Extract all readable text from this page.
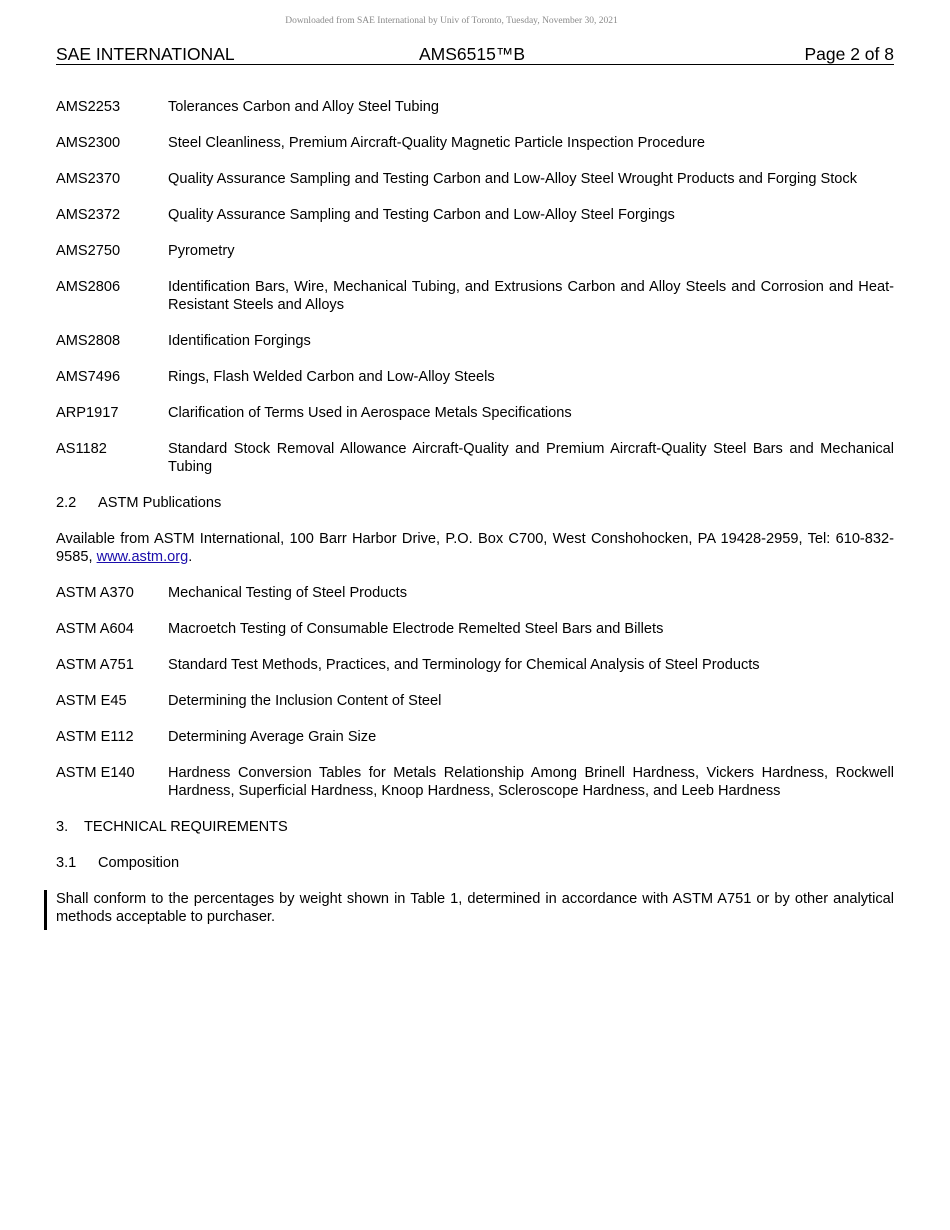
Downloaded from SAE International by Univ of Toronto, Tuesday, November 30, 2021
SAE INTERNATIONAL	AMS6515™B	Page 2 of 8
AMS2253	Tolerances Carbon and Alloy Steel Tubing
AMS2300	Steel Cleanliness, Premium Aircraft-Quality Magnetic Particle Inspection Procedure
AMS2370	Quality Assurance Sampling and Testing Carbon and Low-Alloy Steel Wrought Products and Forging Stock
AMS2372	Quality Assurance Sampling and Testing Carbon and Low-Alloy Steel Forgings
AMS2750	Pyrometry
AMS2806	Identification Bars, Wire, Mechanical Tubing, and Extrusions Carbon and Alloy Steels and Corrosion and Heat-Resistant Steels and Alloys
AMS2808	Identification Forgings
AMS7496	Rings, Flash Welded Carbon and Low-Alloy Steels
ARP1917	Clarification of Terms Used in Aerospace Metals Specifications
AS1182	Standard Stock Removal Allowance Aircraft-Quality and Premium Aircraft-Quality Steel Bars and Mechanical Tubing
2.2 ASTM Publications
Available from ASTM International, 100 Barr Harbor Drive, P.O. Box C700, West Conshohocken, PA 19428-2959, Tel: 610-832-9585, www.astm.org.
ASTM A370	Mechanical Testing of Steel Products
ASTM A604	Macroetch Testing of Consumable Electrode Remelted Steel Bars and Billets
ASTM A751	Standard Test Methods, Practices, and Terminology for Chemical Analysis of Steel Products
ASTM E45	Determining the Inclusion Content of Steel
ASTM E112	Determining Average Grain Size
ASTM E140	Hardness Conversion Tables for Metals Relationship Among Brinell Hardness, Vickers Hardness, Rockwell Hardness, Superficial Hardness, Knoop Hardness, Scleroscope Hardness, and Leeb Hardness
3. TECHNICAL REQUIREMENTS
3.1 Composition
Shall conform to the percentages by weight shown in Table 1, determined in accordance with ASTM A751 or by other analytical methods acceptable to purchaser.
